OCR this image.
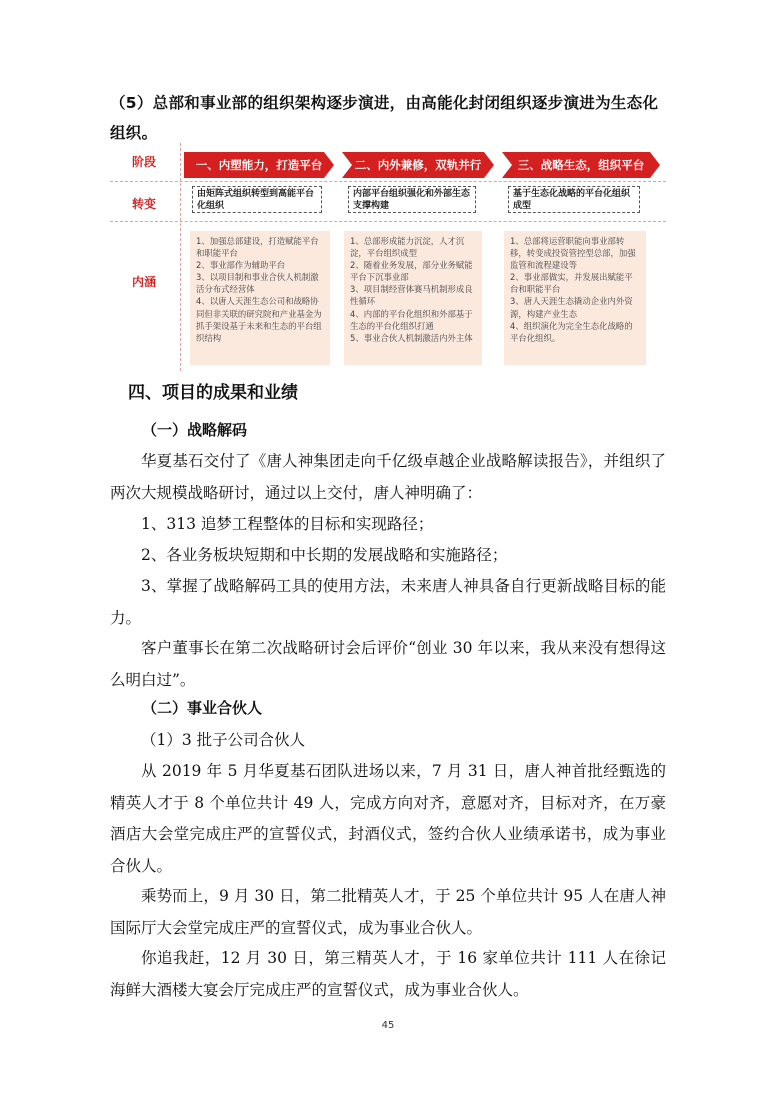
（5）总部和事业部的组织架构逐步演进，由高能化封闭组织逐步演进为生态化组织。
阶段
转变
内涵
一、内塑能力，打造平台	二、内外兼修，双轨并行	三、战略生态，组织平台
由矩阵式组织转型到高能平台化组织
内部平台组织强化和外部生态支撑构建
基于生态化战略的平台化组织成型
1、加强总部建设，打造赋能平台和职能平台
2、事业部作为辅助平台
3、以项目制和事业合伙人机制激活分布式经营体
4、以唐人天涯生态公司和战略协同但非关联的研究院和产业基金为抓手架设基于未来和生态的平台组织结构
1、总部形成能力沉淀，人才沉淀，平台组织成型
2、随着业务发展，部分业务赋能平台下沉事业部
3、项目制经营体赛马机制形成良性循环
4、内部的平台化组织和外部基于生态的平台化组织打通
5、事业合伙人机制激活内外主体
1、总部将运营职能向事业部转移，转变成投资管控型总部，加强监管和流程建设等
2、事业部做实，并发展出赋能平台和职能平台
3、唐人天涯生态撬动企业内外资源，构建产业生态
4、组织演化为完全生态化战略的平台化组织。
四、项目的成果和业绩
（一）战略解码
华夏基石交付了《唐人神集团走向千亿级卓越企业战略解读报告》，并组织了两次大规模战略研讨，通过以上交付，唐人神明确了：
1、313 追梦工程整体的目标和实现路径；
2、各业务板块短期和中长期的发展战略和实施路径；
3、掌握了战略解码工具的使用方法，未来唐人神具备自行更新战略目标的能力。
客户董事长在第二次战略研讨会后评价“创业 30 年以来，我从来没有想得这么明白过”。
（二）事业合伙人
（1）3 批子公司合伙人
从 2019 年 5 月华夏基石团队进场以来，7 月 31 日，唐人神首批经甄选的精英人才于 8 个单位共计 49 人，完成方向对齐，意愿对齐，目标对齐，在万豪酒店大会堂完成庄严的宣誓仪式，封酒仪式，签约合伙人业绩承诺书，成为事业合伙人。
乘势而上，9 月 30 日，第二批精英人才，于 25 个单位共计 95 人在唐人神国际厅大会堂完成庄严的宣誓仪式，成为事业合伙人。
你追我赶，12 月 30 日，第三精英人才，于 16 家单位共计 111 人在徐记海鲜大酒楼大宴会厅完成庄严的宣誓仪式，成为事业合伙人。
45
